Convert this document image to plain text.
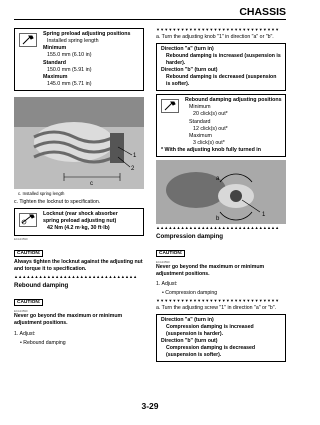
CHASSIS
Spring preload adjusting positions
Installed spring length
Minimum
155.0 mm (6.10 in)
Standard
150.0 mm (5.91 in)
Maximum
145.0 mm (5.71 in)
c
1
2
c. Installed spring length
c. Tighten the locknut to specification.
Locknut (rear shock absorber
spring preload adjusting nut)
42 Nm (4.2 m·kg, 30 ft·lb)
ECA13590
CAUTION:
Always tighten the locknut against the adjusting nut and torque it to specification.
▲▲▲▲▲▲▲▲▲▲▲▲▲▲▲▲▲▲▲▲▲▲▲▲▲▲▲▲▲▲
Rebound damping
CAUTION:
ECA13590
Never go beyond the maximum or minimum adjustment positions.
1. Adjust:
• Rebound damping
▼▼▼▼▼▼▼▼▼▼▼▼▼▼▼▼▼▼▼▼▼▼▼▼▼▼▼▼▼▼
a. Turn the adjusting knob "1" in direction "a" or "b".
Direction "a" (turn in)
Rebound damping is increased (suspension is harder).
Direction "b" (turn out)
Rebound damping is decreased (suspension is softer).
Rebound damping adjusting positions
Minimum
20 click(s) out*
Standard
12 click(s) out*
Maximum
3 click(s) out*
* With the adjusting knob fully turned in
a
b
1
▲▲▲▲▲▲▲▲▲▲▲▲▲▲▲▲▲▲▲▲▲▲▲▲▲▲▲▲▲▲
Compression damping
CAUTION:
ECA13590
Never go beyond the maximum or minimum adjustment positions.
1. Adjust:
• Compression damping
▼▼▼▼▼▼▼▼▼▼▼▼▼▼▼▼▼▼▼▼▼▼▼▼▼▼▼▼▼▼
a. Turn the adjusting screw "1" in direction "a" or "b".
Direction "a" (turn in)
Compression damping is increased (suspension is harder).
Direction "b" (turn out)
Compression damping is decreased (suspension is softer).
3-29
